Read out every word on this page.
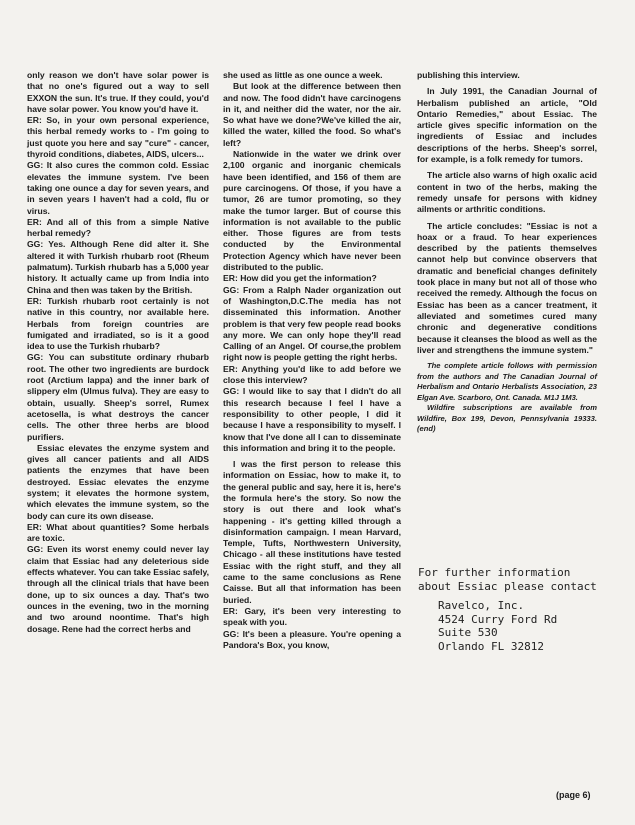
only reason we don't have solar power is that no one's figured out a way to sell EXXON the sun. It's true. If they could, you'd have solar power. You know you'd have it.

ER: So, in your own personal experience, this herbal remedy works to - I'm going to just quote you here and say "cure" - cancer, thyroid conditions, diabetes, AIDS, ulcers...

GG: It also cures the common cold. Essiac elevates the immune system. I've been taking one ounce a day for seven years, and in seven years I haven't had a cold, flu or virus.

ER: And all of this from a simple Native herbal remedy?

GG: Yes. Although Rene did alter it. She altered it with Turkish rhubarb root (Rheum palmatum). Turkish rhubarb has a 5,000 year history. It actually came up from India into China and then was taken by the British.

ER: Turkish rhubarb root certainly is not native in this country, nor available here. Herbals from foreign countries are fumigated and irradiated, so is it a good idea to use the Turkish rhubarb?

GG: You can substitute ordinary rhubarb root. The other two ingredients are burdock root (Arctium lappa) and the inner bark of slippery elm (Ulmus fulva). They are easy to obtain, usually. Sheep's sorrel, Rumex acetosella, is what destroys the cancer cells. The other three herbs are blood purifiers.

Essiac elevates the enzyme system and gives all cancer patients and all AIDS patients the enzymes that have been destroyed. Essiac elevates the enzyme system; it elevates the hormone system, which elevates the immune system, so the body can cure its own disease.

ER: What about quantities? Some herbals are toxic.

GG: Even its worst enemy could never lay claim that Essiac had any deleterious side effects whatever. You can take Essiac safely, through all the clinical trials that have been done, up to six ounces a day. That's two ounces in the evening, two in the morning and two around noontime. That's high dosage. Rene had the correct herbs and

she used as little as one ounce a week.

But look at the difference between then and now. The food didn't have carcinogens in it, and neither did the water, nor the air. So what have we done?We've killed the air, killed the water, killed the food. So what's left?

Nationwide in the water we drink over 2,100 organic and inorganic chemicals have been identified, and 156 of them are pure carcinogens. Of those, if you have a tumor, 26 are tumor promoting, so they make the tumor larger. But of course this information is not available to the public either. Those figures are from tests conducted by the Environmental Protection Agency which have never been distributed to the public.

ER: How did you get the information?

GG: From a Ralph Nader organization out of Washington,D.C.The media has not disseminated this information. Another problem is that very few people read books any more. We can only hope they'll read Calling of an Angel. Of course,the problem right now is people getting the right herbs.

ER: Anything you'd like to add before we close this interview?

GG: I would like to say that I didn't do all this research because I feel I have a responsibility to other people, I did it because I have a responsibility to myself. I know that I've done all I can to disseminate this information and bring it to the people.

I was the first person to release this information on Essiac, how to make it, to the general public and say, here it is, here's the formula here's the story. So now the story is out there and look what's happening - it's getting killed through a disinformation campaign. I mean Harvard, Temple, Tufts, Northwestern University, Chicago - all these institutions have tested Essiac with the right stuff, and they all came to the same conclusions as Rene Caisse. But all that information has been buried.

ER: Gary, it's been very interesting to speak with you.

GG: It's been a pleasure. You're opening a Pandora's Box, you know,

publishing this interview.

In July 1991, the Canadian Journal of Herbalism published an article, "Old Ontario Remedies," about Essiac. The article gives specific information on the ingredients of Essiac and includes descriptions of the herbs. Sheep's sorrel, for example, is a folk remedy for tumors.

The article also warns of high oxalic acid content in two of the herbs, making the remedy unsafe for persons with kidney ailments or arthritic conditions.

The article concludes: "Essiac is not a hoax or a fraud. To hear experiences described by the patients themselves cannot help but convince observers that dramatic and beneficial changes definitely took place in many but not all of those who received the remedy. Although the focus on Essiac has been as a cancer treatment, it alleviated and sometimes cured many chronic and degenerative conditions because it cleanses the blood as well as the liver and strengthens the immune system."

The complete article follows with permission from the authors and The Canadian Journal of Herbalism and Ontario Herbalists Association, 23 Elgan Ave. Scarboro, Ont. Canada. M1J 1M3.

Wildfire subscriptions are available from Wildfire, Box 199, Devon, Pennsylvania 19333. (end)

For further information
about Essiac please contact
Ravelco, Inc.
4524 Curry Ford Rd
Suite 530
Orlando FL 32812
(page 6)
